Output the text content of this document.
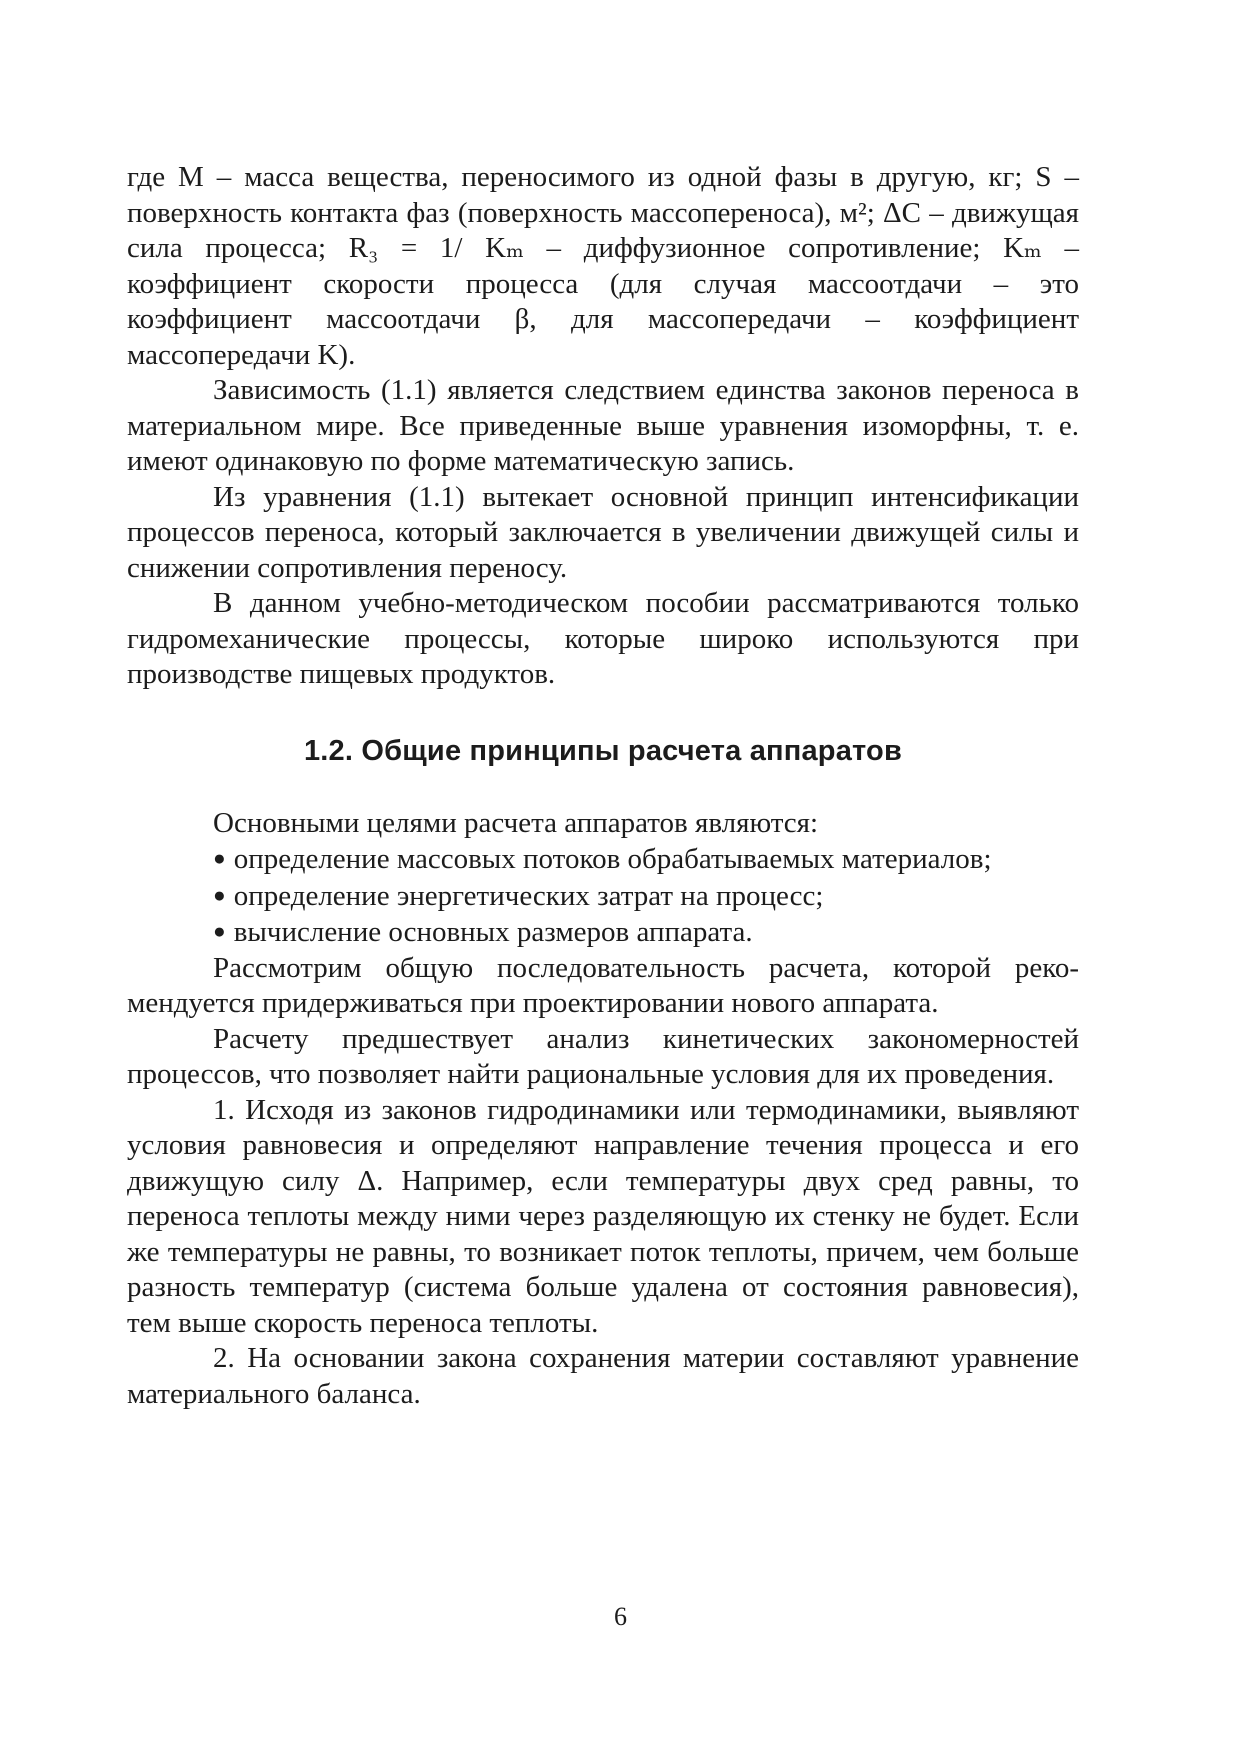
где M – масса вещества, переносимого из одной фазы в другую, кг; S – поверхность контакта фаз (поверхность массопереноса), м²; ΔC – движущая сила процесса; R₃ = 1/ Kₘ – диффузионное сопротивление; Kₘ – коэффициент скорости процесса (для случая массоотдачи – это коэффициент массоотдачи β, для массопередачи – коэффициент массопередачи K).

Зависимость (1.1) является следствием единства законов переноса в материальном мире. Все приведенные выше уравнения изоморфны, т. е. имеют одинаковую по форме математическую запись.

Из уравнения (1.1) вытекает основной принцип интенсификации процессов переноса, который заключается в увеличении движущей силы и снижении сопротивления переносу.

В данном учебно-методическом пособии рассматриваются только гидромеханические процессы, которые широко используются при производстве пищевых продуктов.

1.2. Общие принципы расчета аппаратов

Основными целями расчета аппаратов являются:

● определение массовых потоков обрабатываемых материалов;

● определение энергетических затрат на процесс;

● вычисление основных размеров аппарата.

Рассмотрим общую последовательность расчета, которой рекомендуется придерживаться при проектировании нового аппарата.

Расчету предшествует анализ кинетических закономерностей процессов, что позволяет найти рациональные условия для их проведения.

1. Исходя из законов гидродинамики или термодинамики, выявляют условия равновесия и определяют направление течения процесса и его движущую силу Δ. Например, если температуры двух сред равны, то переноса теплоты между ними через разделяющую их стенку не будет. Если же температуры не равны, то возникает поток теплоты, причем, чем больше разность температур (система больше удалена от состояния равновесия), тем выше скорость переноса теплоты.

2. На основании закона сохранения материи составляют уравнение материального баланса.

6
